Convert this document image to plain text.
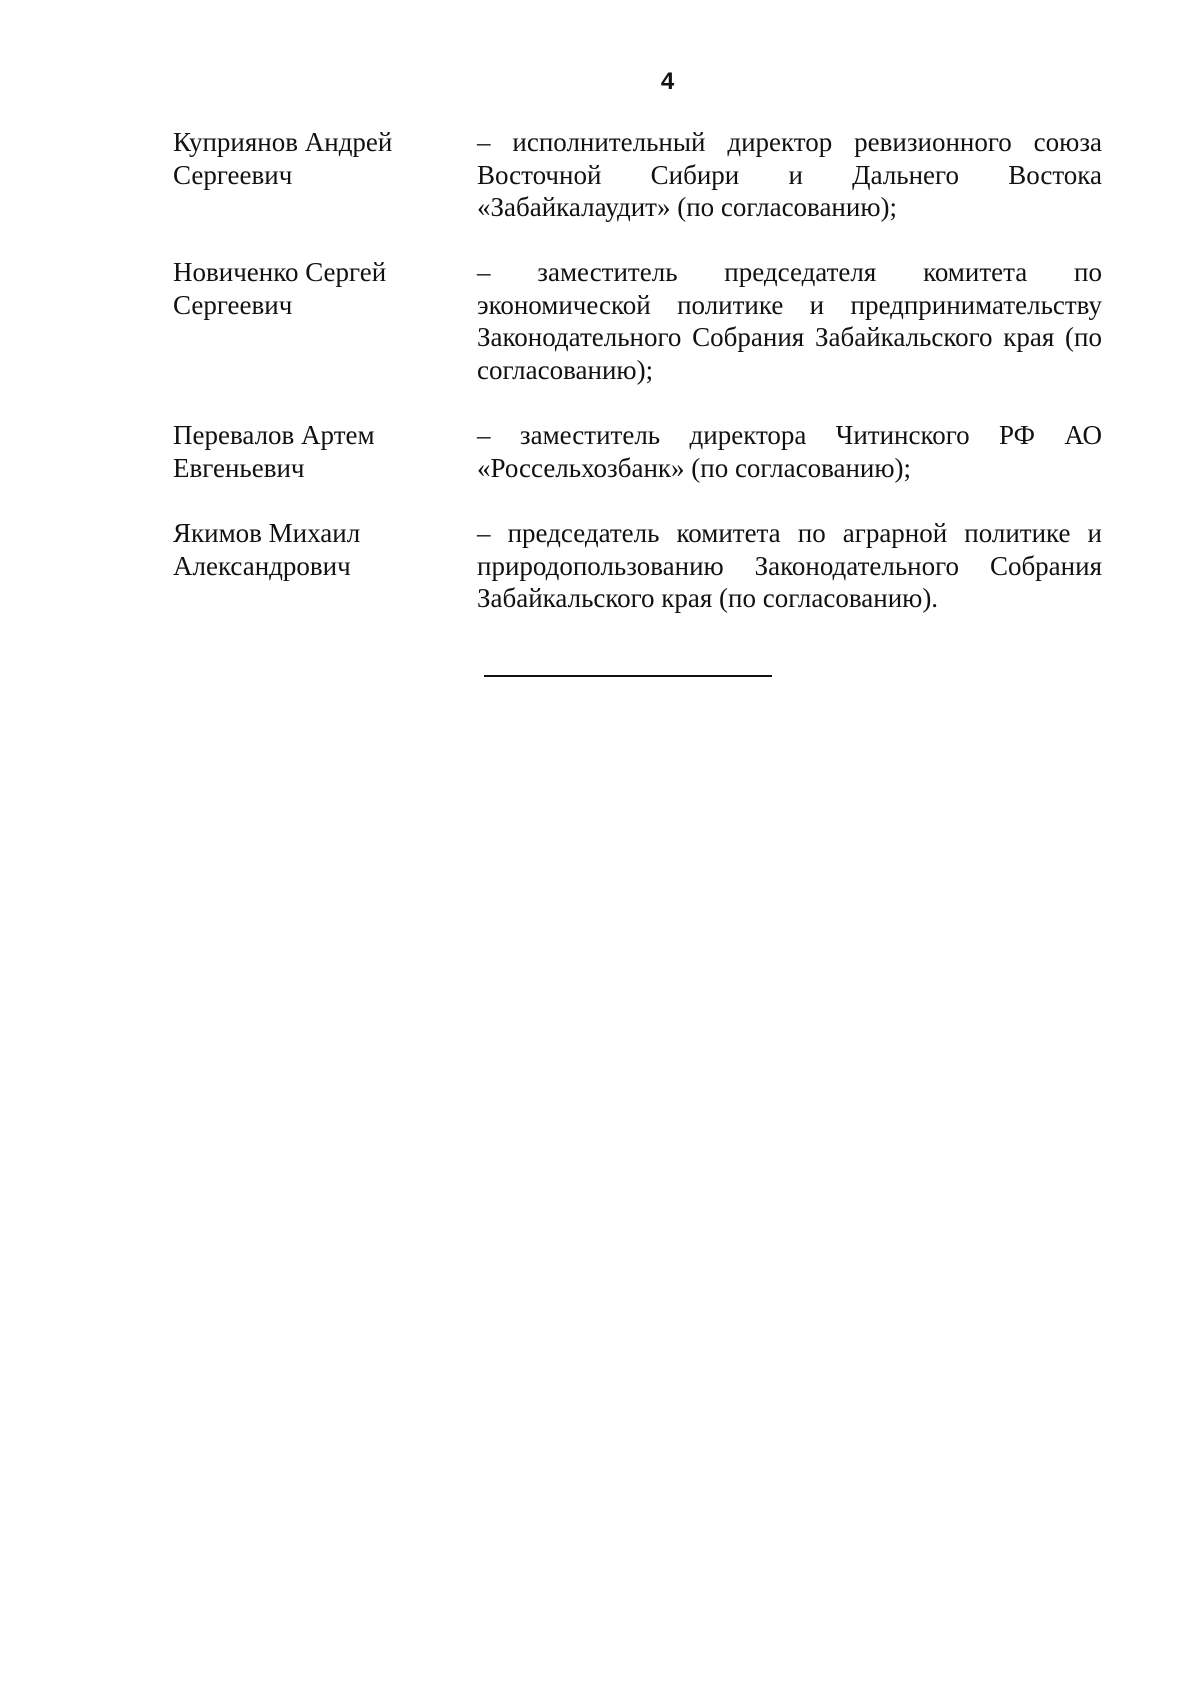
4
Куприянов Андрей
Сергеевич
– исполнительный директор ревизионного союза Восточной Сибири и Дальнего Востока «Забайкалаудит» (по согласованию);
Новиченко Сергей
Сергеевич
– заместитель председателя комитета по экономической политике и предпринимательству Законодательного Собрания Забайкальского края (по согласованию);
Перевалов Артем
Евгеньевич
– заместитель директора Читинского РФ АО «Россельхозбанк» (по согласованию);
Якимов Михаил
Александрович
– председатель комитета по аграрной политике и природопользованию Законодательного Собрания Забайкальского края (по согласованию).
